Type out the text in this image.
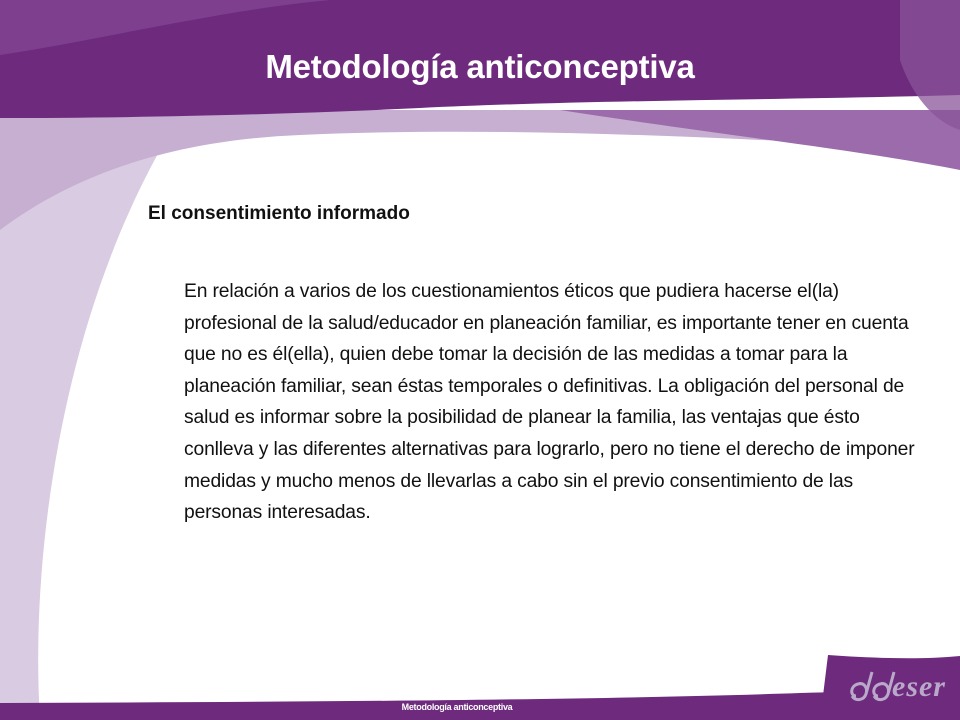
eser
Metodología anticonceptiva
El consentimiento informado

En relación a varios de los cuestionamientos éticos que pudiera hacerse el(la) profesional de la salud/educador en planeación familiar, es importante tener en cuenta que no es él(ella), quien debe tomar la decisión de las medidas a tomar para la planeación familiar, sean éstas temporales o definitivas. La obligación del personal de salud es informar sobre la posibilidad de planear la familia, las ventajas que ésto conlleva y las diferentes alternativas para lograrlo, pero no tiene el derecho de imponer medidas y mucho menos de llevarlas a cabo sin el previo consentimiento de las personas interesadas.

Metodología anticonceptiva
